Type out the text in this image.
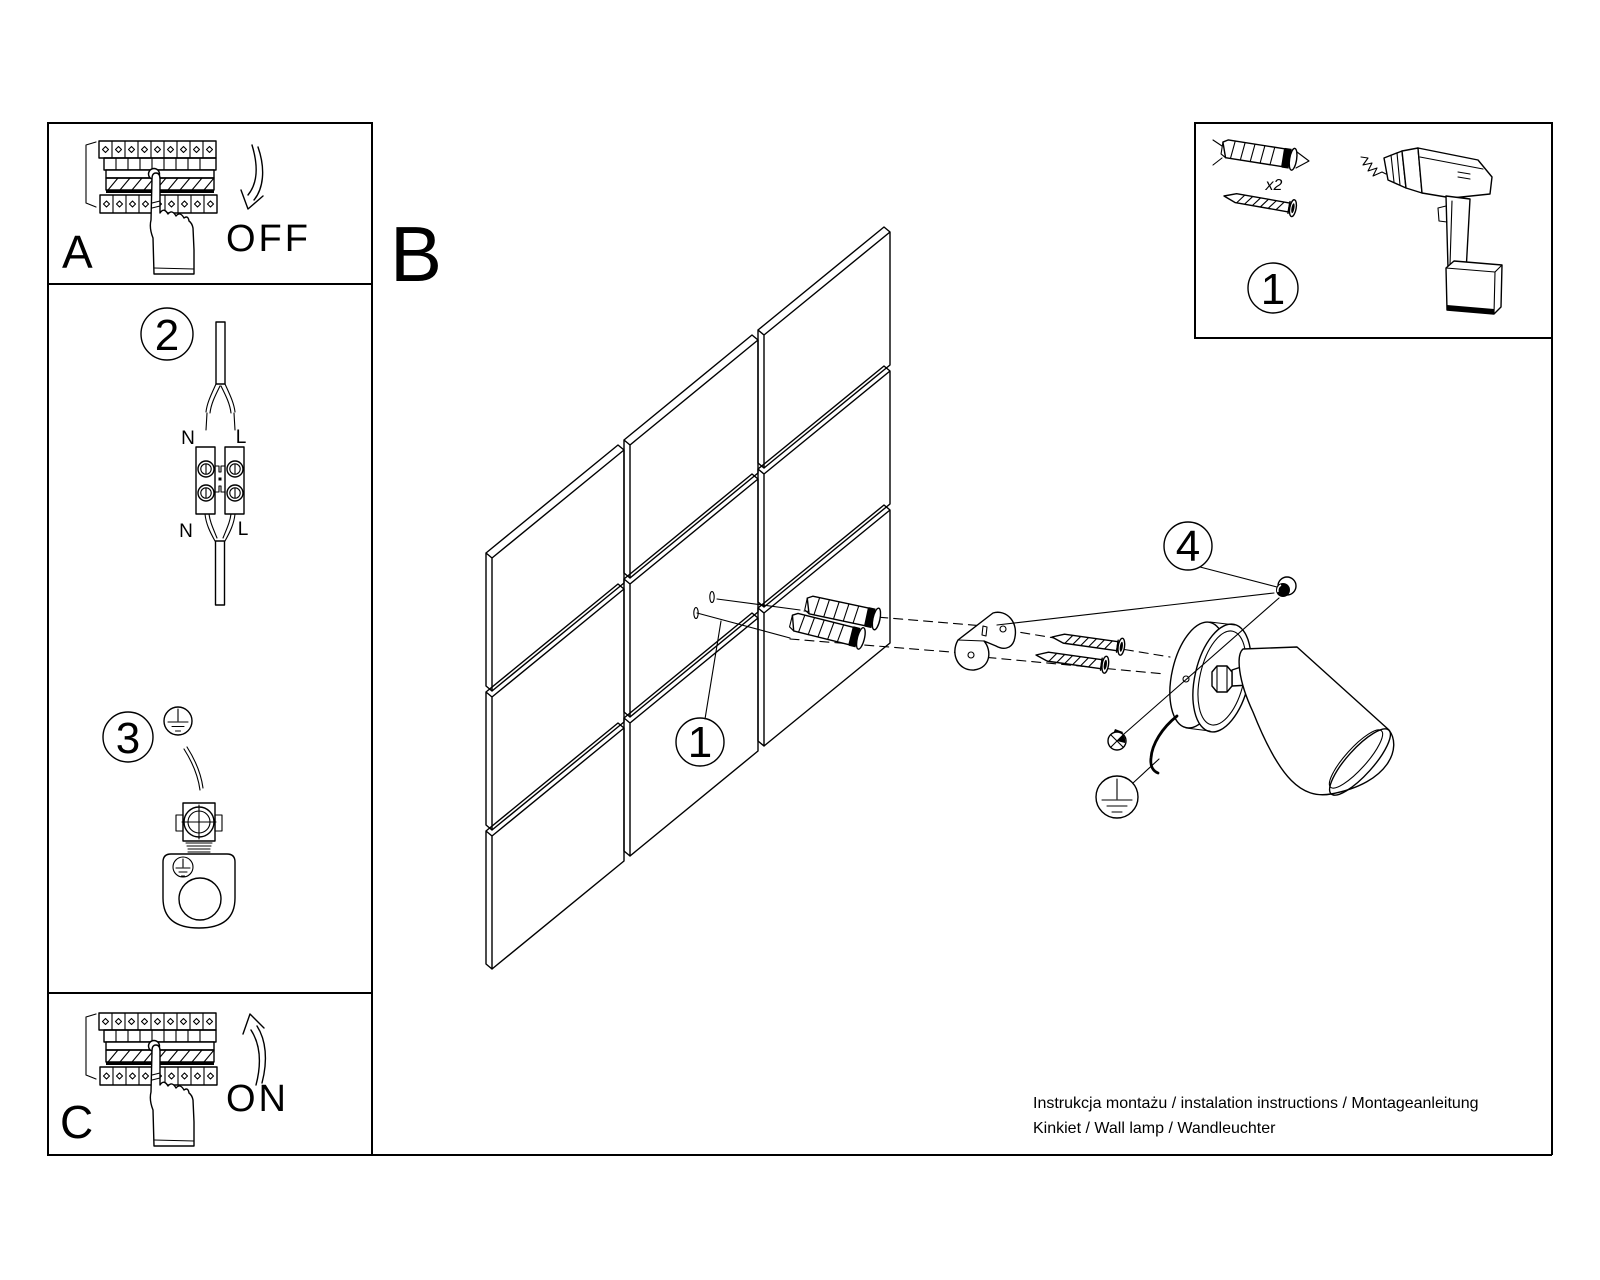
A	OFF
C	ON
2
N L
N L
3
B
1
4
x2
1
Instrukcja montażu / instalation instructions / Montageanleitung
Kinkiet / Wall lamp / Wandleuchter
